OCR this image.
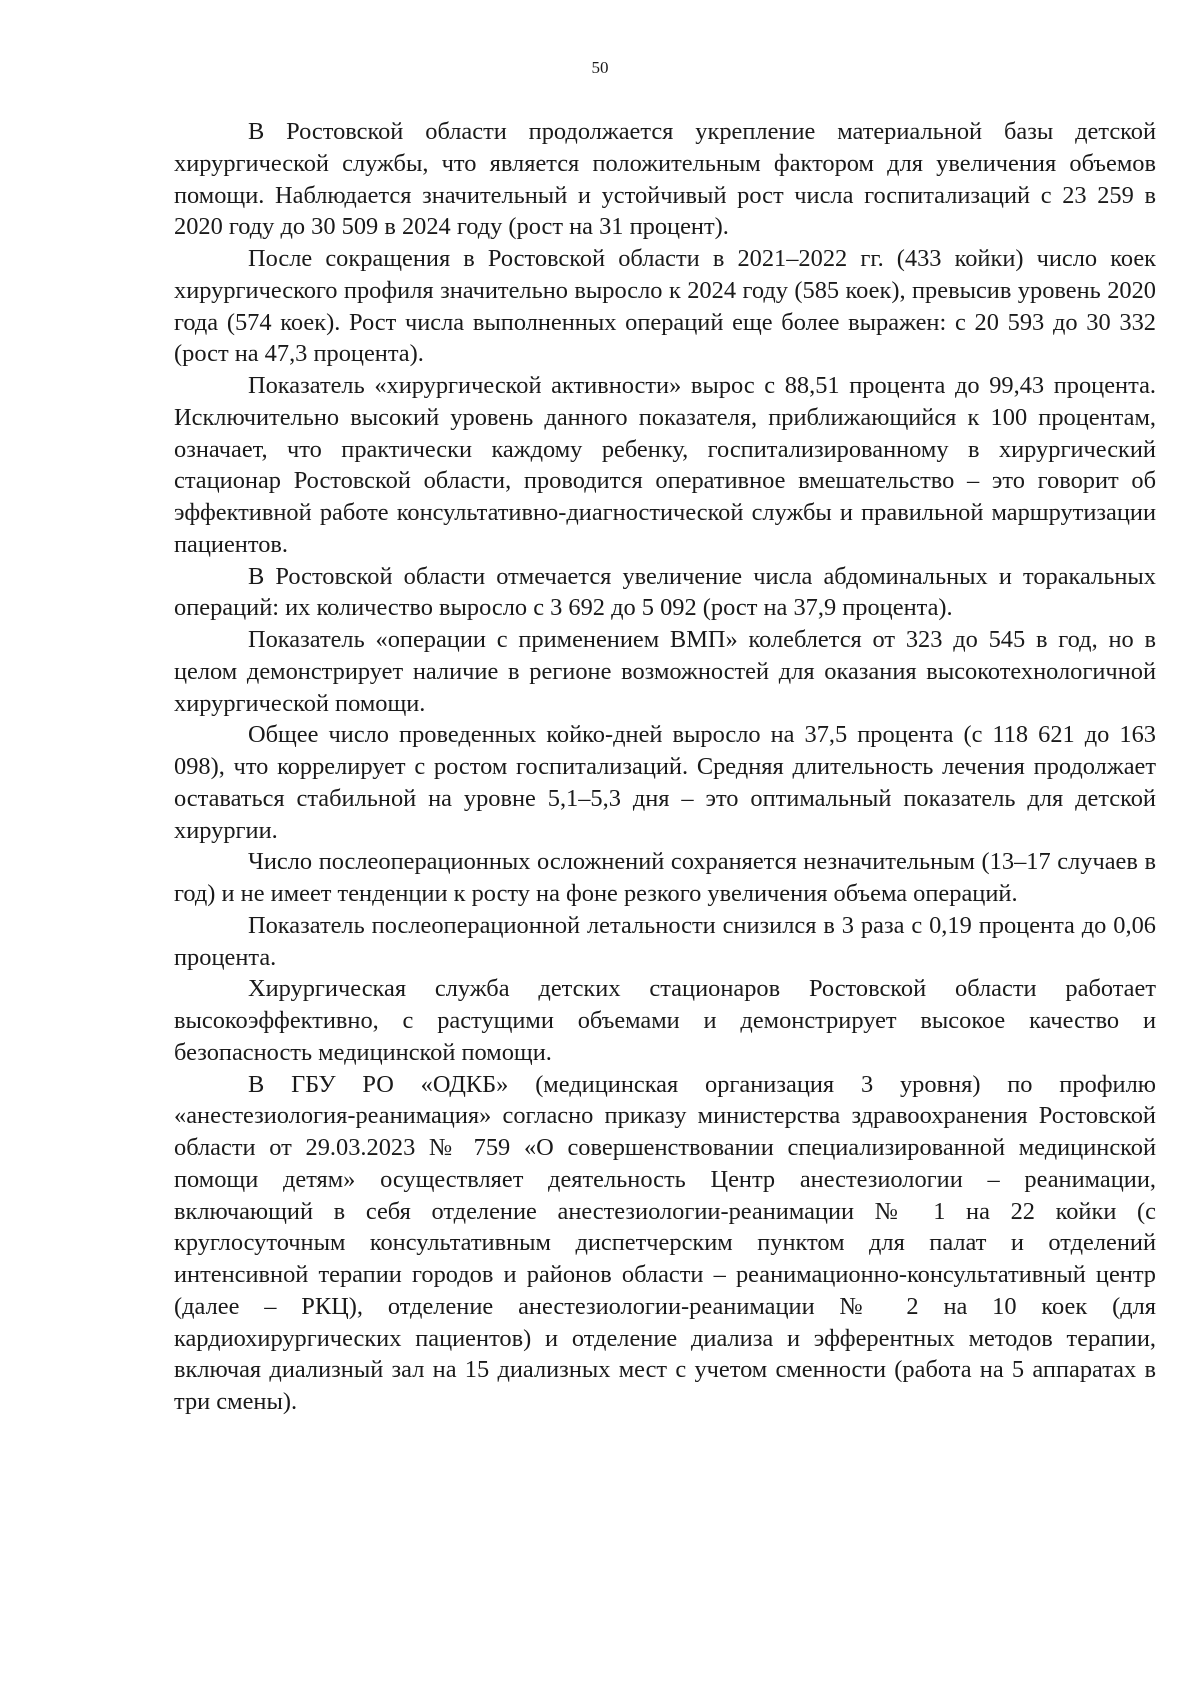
50

В Ростовской области продолжается укрепление материальной базы детской хирургической службы, что является положительным фактором для увеличения объемов помощи. Наблюдается значительный и устойчивый рост числа госпитализаций с 23 259 в 2020 году до 30 509 в 2024 году (рост на 31 процент).

После сокращения в Ростовской области в 2021–2022 гг. (433 койки) число коек хирургического профиля значительно выросло к 2024 году (585 коек), превысив уровень 2020 года (574 коек). Рост числа выполненных операций еще более выражен: с 20 593 до 30 332 (рост на 47,3 процента).

Показатель «хирургической активности» вырос с 88,51 процента до 99,43 процента. Исключительно высокий уровень данного показателя, приближающийся к 100 процентам, означает, что практически каждому ребенку, госпитализированному в хирургический стационар Ростовской области, проводится оперативное вмешательство – это говорит об эффективной работе консультативно-диагностической службы и правильной маршрутизации пациентов.

В Ростовской области отмечается увеличение числа абдоминальных и торакальных операций: их количество выросло с 3 692 до 5 092 (рост на 37,9 процента).

Показатель «операции с применением ВМП» колеблется от 323 до 545 в год, но в целом демонстрирует наличие в регионе возможностей для оказания высокотехнологичной хирургической помощи.

Общее число проведенных койко-дней выросло на 37,5 процента (с 118 621 до 163 098), что коррелирует с ростом госпитализаций. Средняя длительность лечения продолжает оставаться стабильной на уровне 5,1–5,3 дня – это оптимальный показатель для детской хирургии.

Число послеоперационных осложнений сохраняется незначительным (13–17 случаев в год) и не имеет тенденции к росту на фоне резкого увеличения объема операций.

Показатель послеоперационной летальности снизился в 3 раза с 0,19 процента до 0,06 процента.

Хирургическая служба детских стационаров Ростовской области работает высокоэффективно, с растущими объемами и демонстрирует высокое качество и безопасность медицинской помощи.

В ГБУ РО «ОДКБ» (медицинская организация 3 уровня) по профилю «анестезиология-реанимация» согласно приказу министерства здравоохранения Ростовской области от 29.03.2023 № 759 «О совершенствовании специализированной медицинской помощи детям» осуществляет деятельность Центр анестезиологии – реанимации, включающий в себя отделение анестезиологии-реанимации № 1 на 22 койки (с круглосуточным консультативным диспетчерским пунктом для палат и отделений интенсивной терапии городов и районов области – реанимационно-консультативный центр (далее – РКЦ), отделение анестезиологии-реанимации № 2 на 10 коек (для кардиохирургических пациентов) и отделение диализа и эфферентных методов терапии, включая диализный зал на 15 диализных мест с учетом сменности (работа на 5 аппаратах в три смены).
